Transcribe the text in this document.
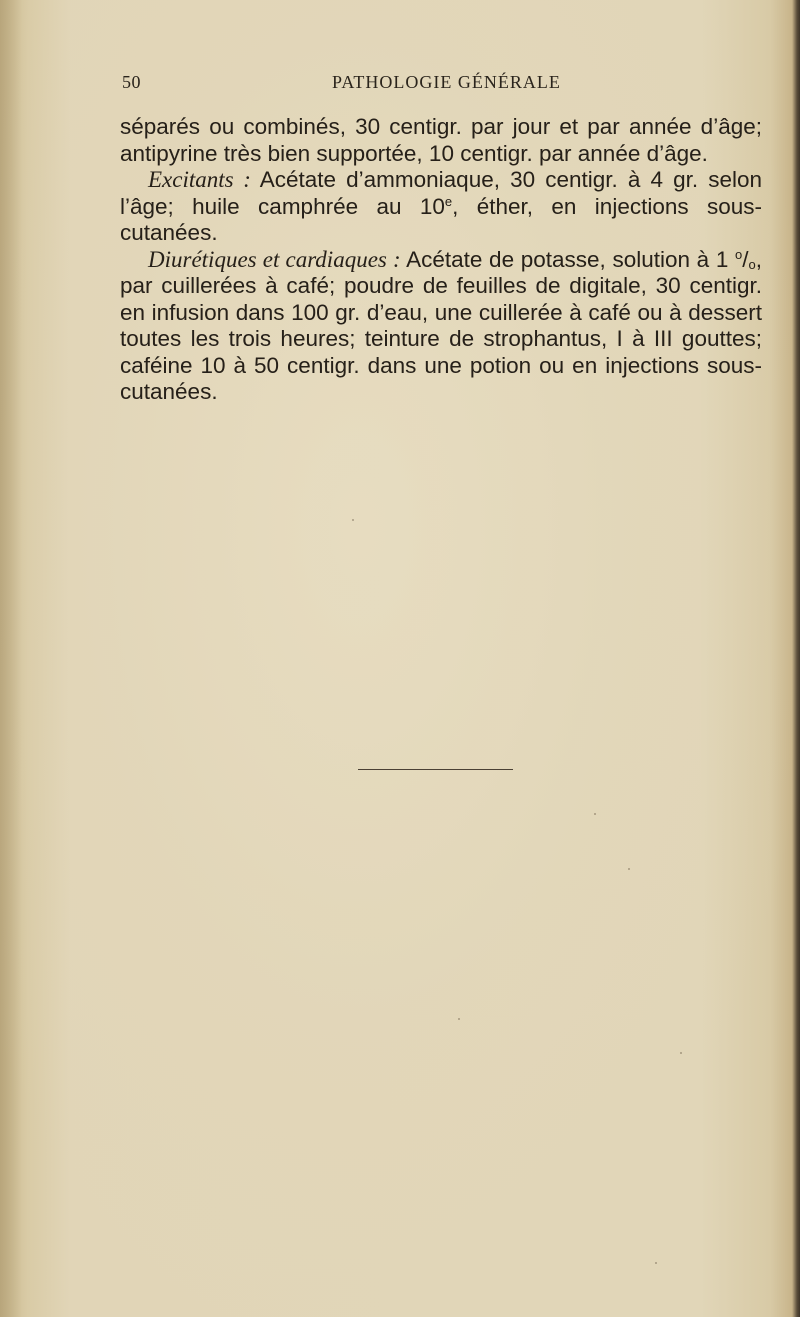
50	PATHOLOGIE GÉNÉRALE

séparés ou combinés, 30 centigr. par jour et par année d’âge; antipyrine très bien supportée, 10 centigr. par année d’âge.

Excitants : Acétate d’ammoniaque, 30 centigr. à 4 gr. selon l’âge; huile camphrée au 10e, éther, en injections sous-cutanées.

Diurétiques et cardiaques : Acétate de potasse, solution à 1 $^o$/o, par cuillerées à café; poudre de feuilles de digitale, 30 centigr. en infusion dans 100 gr. d’eau, une cuillerée à café ou à dessert toutes les trois heures; teinture de strophantus, I à III gouttes; caféine 10 à 50 centigr. dans une potion ou en injections sous-cutanées.
